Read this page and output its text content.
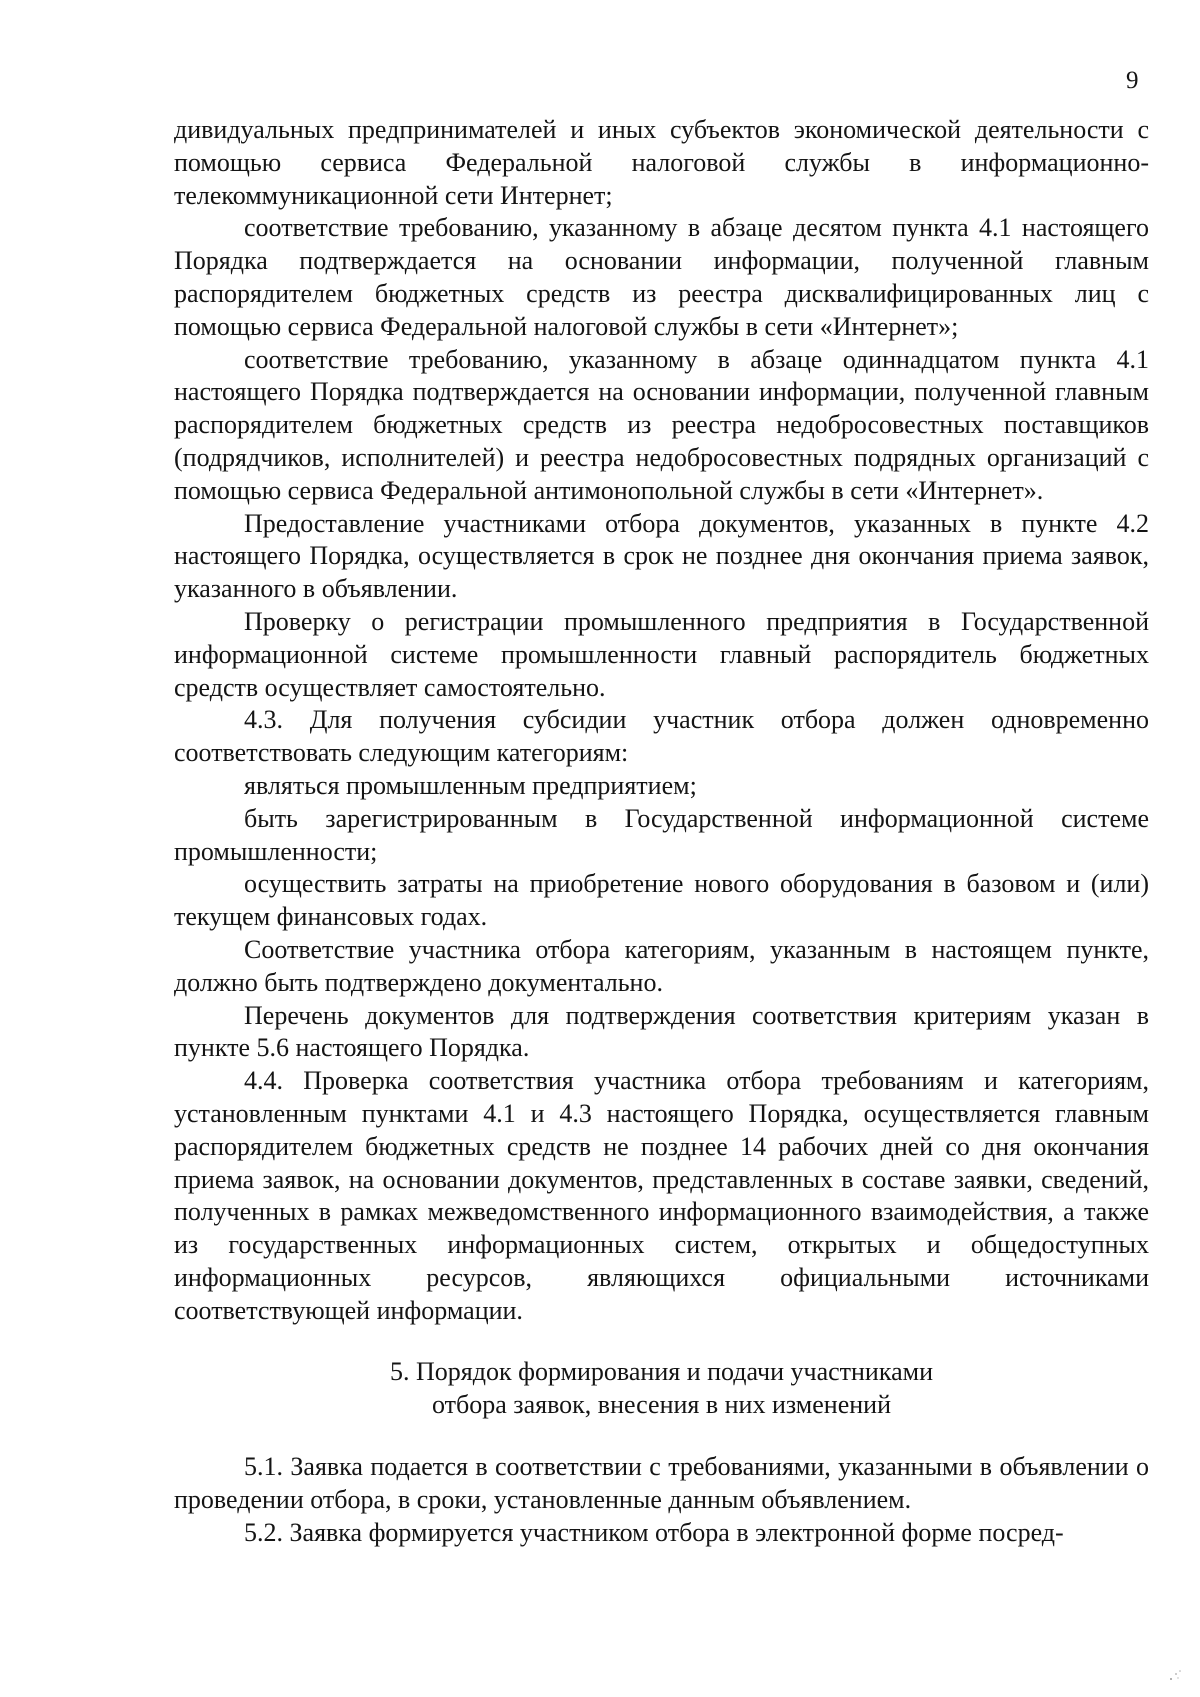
9

дивидуальных предпринимателей и иных субъектов экономической деятельности с помощью сервиса Федеральной налоговой службы в информационно-телекоммуникационной сети Интернет;

соответствие требованию, указанному в абзаце десятом пункта 4.1 настоящего Порядка подтверждается на основании информации, полученной главным распорядителем бюджетных средств из реестра дисквалифицированных лиц с помощью сервиса Федеральной налоговой службы в сети «Интернет»;

соответствие требованию, указанному в абзаце одиннадцатом пункта 4.1 настоящего Порядка подтверждается на основании информации, полученной главным распорядителем бюджетных средств из реестра недобросовестных поставщиков (подрядчиков, исполнителей) и реестра недобросовестных подрядных организаций с помощью сервиса Федеральной антимонопольной службы в сети «Интернет».

Предоставление участниками отбора документов, указанных в пункте 4.2 настоящего Порядка, осуществляется в срок не позднее дня окончания приема заявок, указанного в объявлении.

Проверку о регистрации промышленного предприятия в Государственной информационной системе промышленности главный распорядитель бюджетных средств осуществляет самостоятельно.

4.3. Для получения субсидии участник отбора должен одновременно соответствовать следующим категориям:

являться промышленным предприятием;

быть зарегистрированным в Государственной информационной системе промышленности;

осуществить затраты на приобретение нового оборудования в базовом и (или) текущем финансовых годах.

Соответствие участника отбора категориям, указанным в настоящем пункте, должно быть подтверждено документально.

Перечень документов для подтверждения соответствия критериям указан в пункте 5.6 настоящего Порядка.

4.4. Проверка соответствия участника отбора требованиям и категориям, установленным пунктами 4.1 и 4.3 настоящего Порядка, осуществляется главным распорядителем бюджетных средств не позднее 14 рабочих дней со дня окончания приема заявок, на основании документов, представленных в составе заявки, сведений, полученных в рамках межведомственного информационного взаимодействия, а также из государственных информационных систем, открытых и общедоступных информационных ресурсов, являющихся официальными источниками соответствующей информации.

5. Порядок формирования и подачи участниками
отбора заявок, внесения в них изменений

5.1. Заявка подается в соответствии с требованиями, указанными в объявлении о проведении отбора, в сроки, установленные данным объявлением.

5.2. Заявка формируется участником отбора в электронной форме посред-
